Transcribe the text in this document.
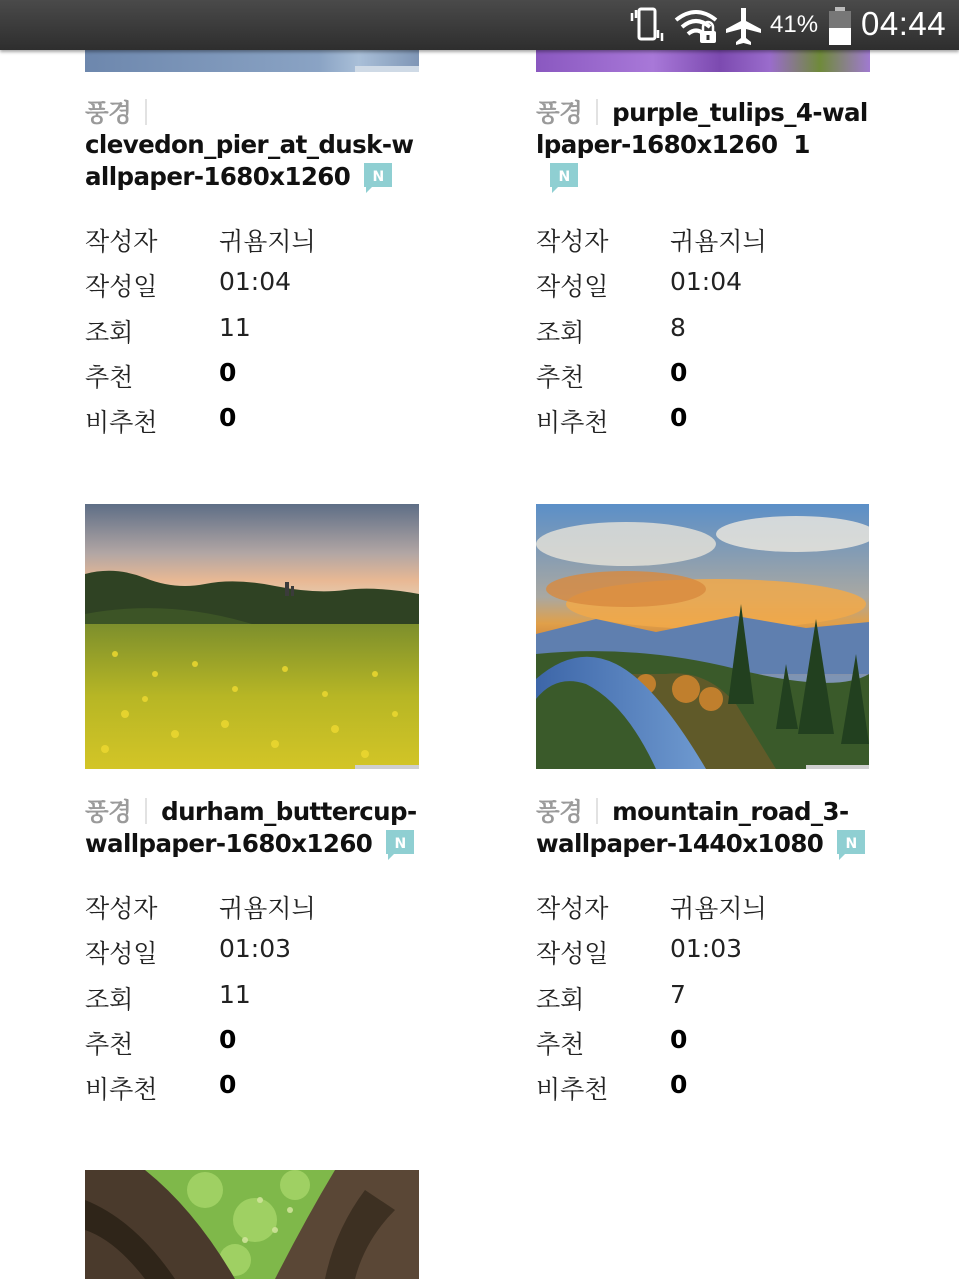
41% 04:44
풍경
clevedon_pier_at_dusk-wallpaper-1680x1260 N
작성자 귀욤지늬
작성일 01:04
조회	11
추천	0
비추천 0
풍경 purple_tulips_4-wallpaper-1680x1260 1

N
작성자 귀욤지늬
작성일 01:04
조회	8
추천	0
비추천 0
풍경 durham_buttercup-wallpaper-1680x1260 N
작성자 귀욤지늬
작성일 01:03
조회	11
추천	0
비추천 0
풍경 mountain_road_3-wallpaper-1440x1080 N
작성자 귀욤지늬
작성일 01:03
조회	7
추천	0
비추천 0
